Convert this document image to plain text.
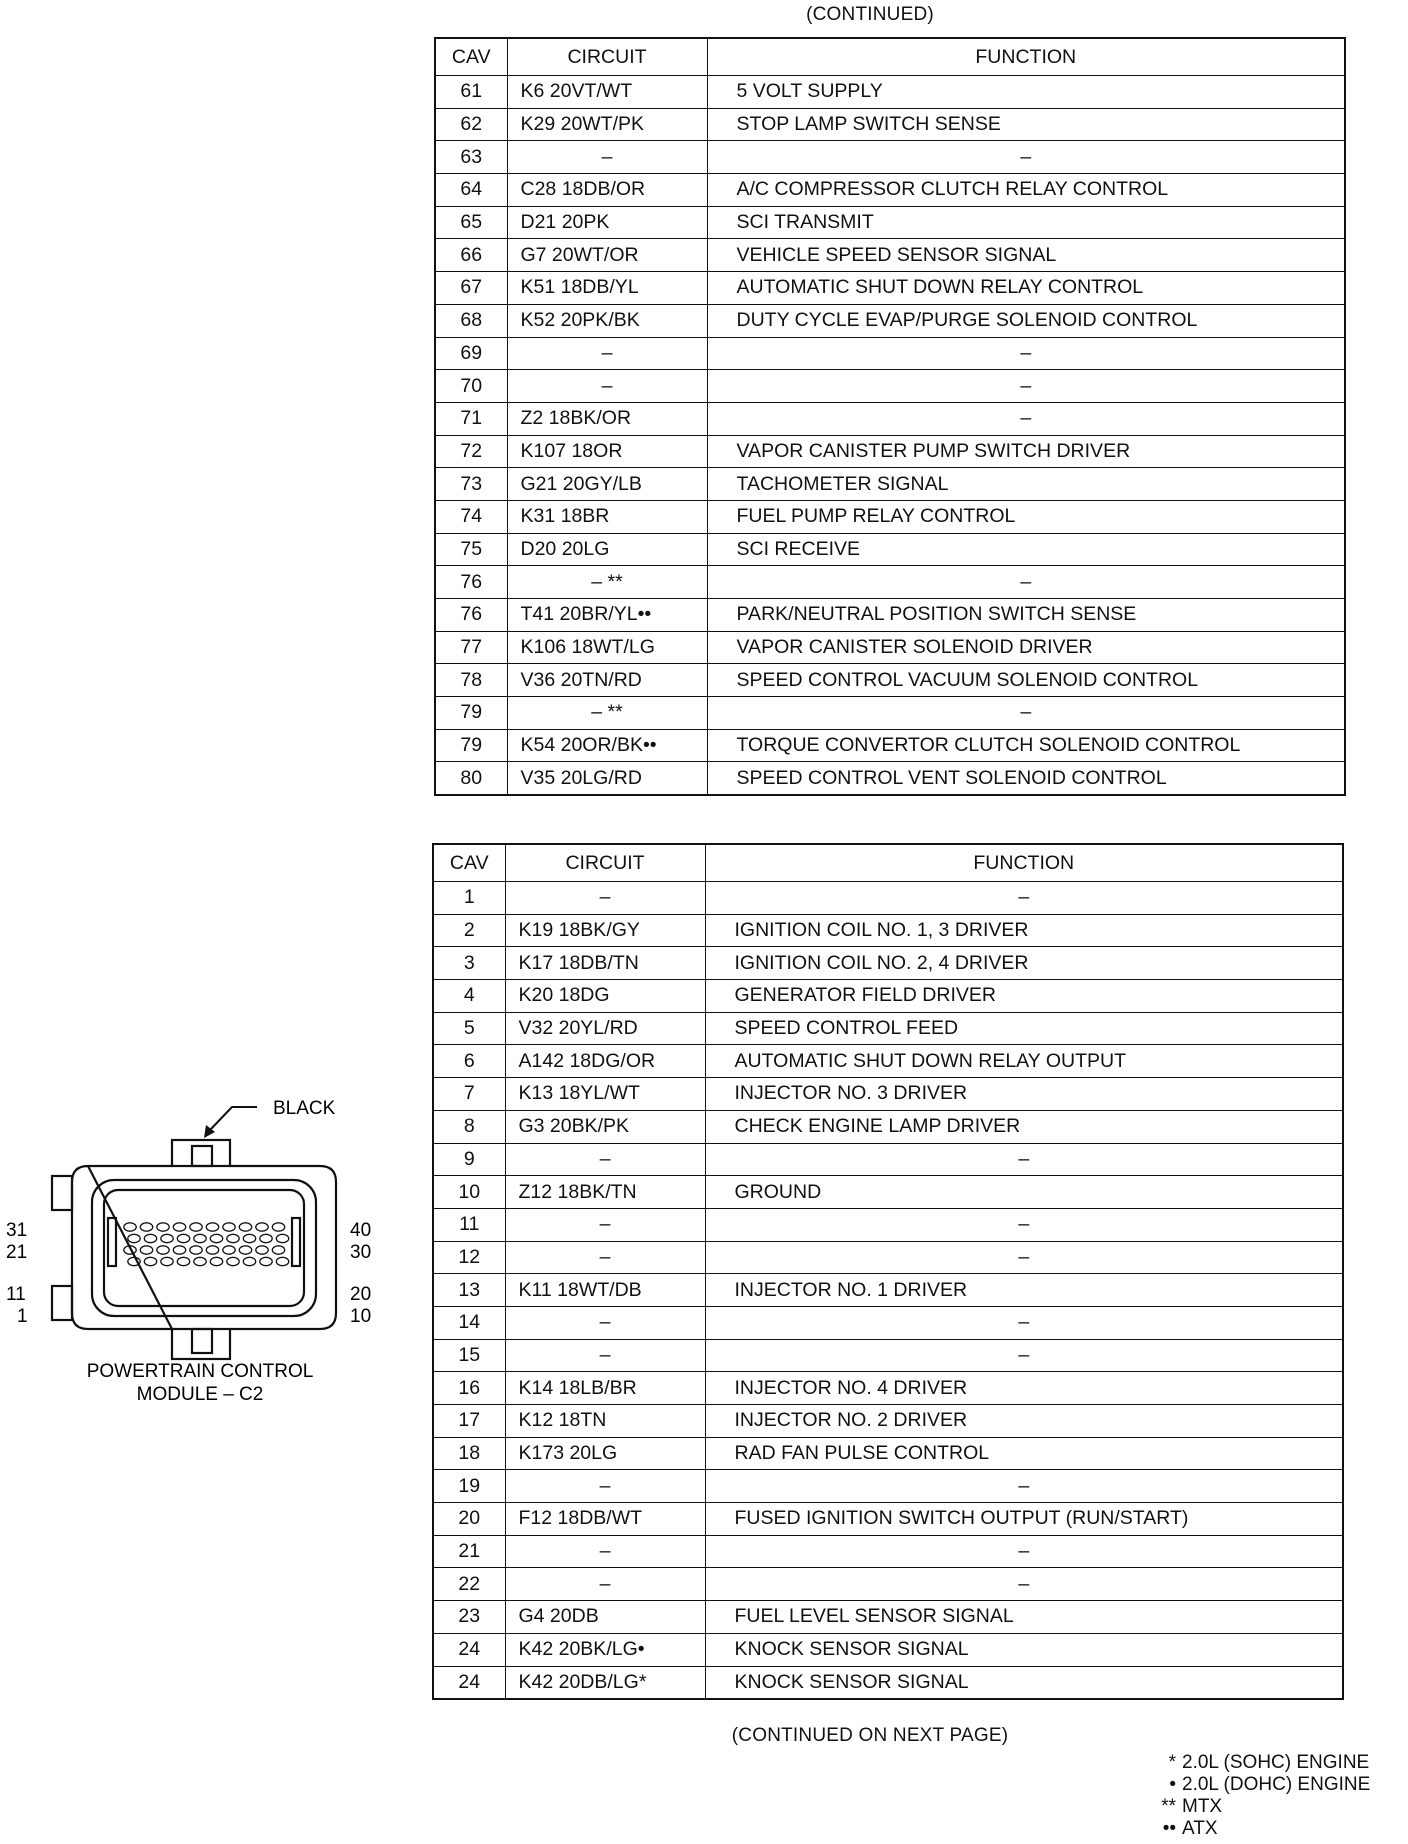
(CONTINUED)
CAV	CIRCUIT	FUNCTION
61	K6 20VT/WT	5 VOLT SUPPLY
62	K29 20WT/PK	STOP LAMP SWITCH SENSE
63	–	–
64	C28 18DB/OR	A/C COMPRESSOR CLUTCH RELAY CONTROL
65	D21 20PK	SCI TRANSMIT
66	G7 20WT/OR	VEHICLE SPEED SENSOR SIGNAL
67	K51 18DB/YL	AUTOMATIC SHUT DOWN RELAY CONTROL
68	K52 20PK/BK	DUTY CYCLE EVAP/PURGE SOLENOID CONTROL
69	–	–
70	–	–
71	Z2 18BK/OR	–
72	K107 18OR	VAPOR CANISTER PUMP SWITCH DRIVER
73	G21 20GY/LB	TACHOMETER SIGNAL
74	K31 18BR	FUEL PUMP RELAY CONTROL
75	D20 20LG	SCI RECEIVE
76	– **	–
76	T41 20BR/YL••	PARK/NEUTRAL POSITION SWITCH SENSE
77	K106 18WT/LG	VAPOR CANISTER SOLENOID DRIVER
78	V36 20TN/RD	SPEED CONTROL VACUUM SOLENOID CONTROL
79	– **	–
79	K54 20OR/BK••	TORQUE CONVERTOR CLUTCH SOLENOID CONTROL
80	V35 20LG/RD	SPEED CONTROL VENT SOLENOID CONTROL
CAV	CIRCUIT	FUNCTION
1	–	–
2	K19 18BK/GY	IGNITION COIL NO. 1, 3 DRIVER
3	K17 18DB/TN	IGNITION COIL NO. 2, 4 DRIVER
4	K20 18DG	GENERATOR FIELD DRIVER
5	V32 20YL/RD	SPEED CONTROL FEED
6	A142 18DG/OR	AUTOMATIC SHUT DOWN RELAY OUTPUT
7	K13 18YL/WT	INJECTOR NO. 3 DRIVER
8	G3 20BK/PK	CHECK ENGINE LAMP DRIVER
9	–	–
10	Z12 18BK/TN	GROUND
11	–	–
12	–	–
13	K11 18WT/DB	INJECTOR NO. 1 DRIVER
14	–	–
15	–	–
16	K14 18LB/BR	INJECTOR NO. 4 DRIVER
17	K12 18TN	INJECTOR NO. 2 DRIVER
18	K173 20LG	RAD FAN PULSE CONTROL
19	–	–
20	F12 18DB/WT	FUSED IGNITION SWITCH OUTPUT (RUN/START)
21	–	–
22	–	–
23	G4 20DB	FUEL LEVEL SENSOR SIGNAL
24	K42 20BK/LG•	KNOCK SENSOR SIGNAL
24	K42 20DB/LG*	KNOCK SENSOR SIGNAL
(CONTINUED ON NEXT PAGE)
BLACK
31
21
11
1
40
30
20
10
POWERTRAIN CONTROL
MODULE – C2
* 2.0L (SOHC) ENGINE
• 2.0L (DOHC) ENGINE
** MTX
•• ATX
